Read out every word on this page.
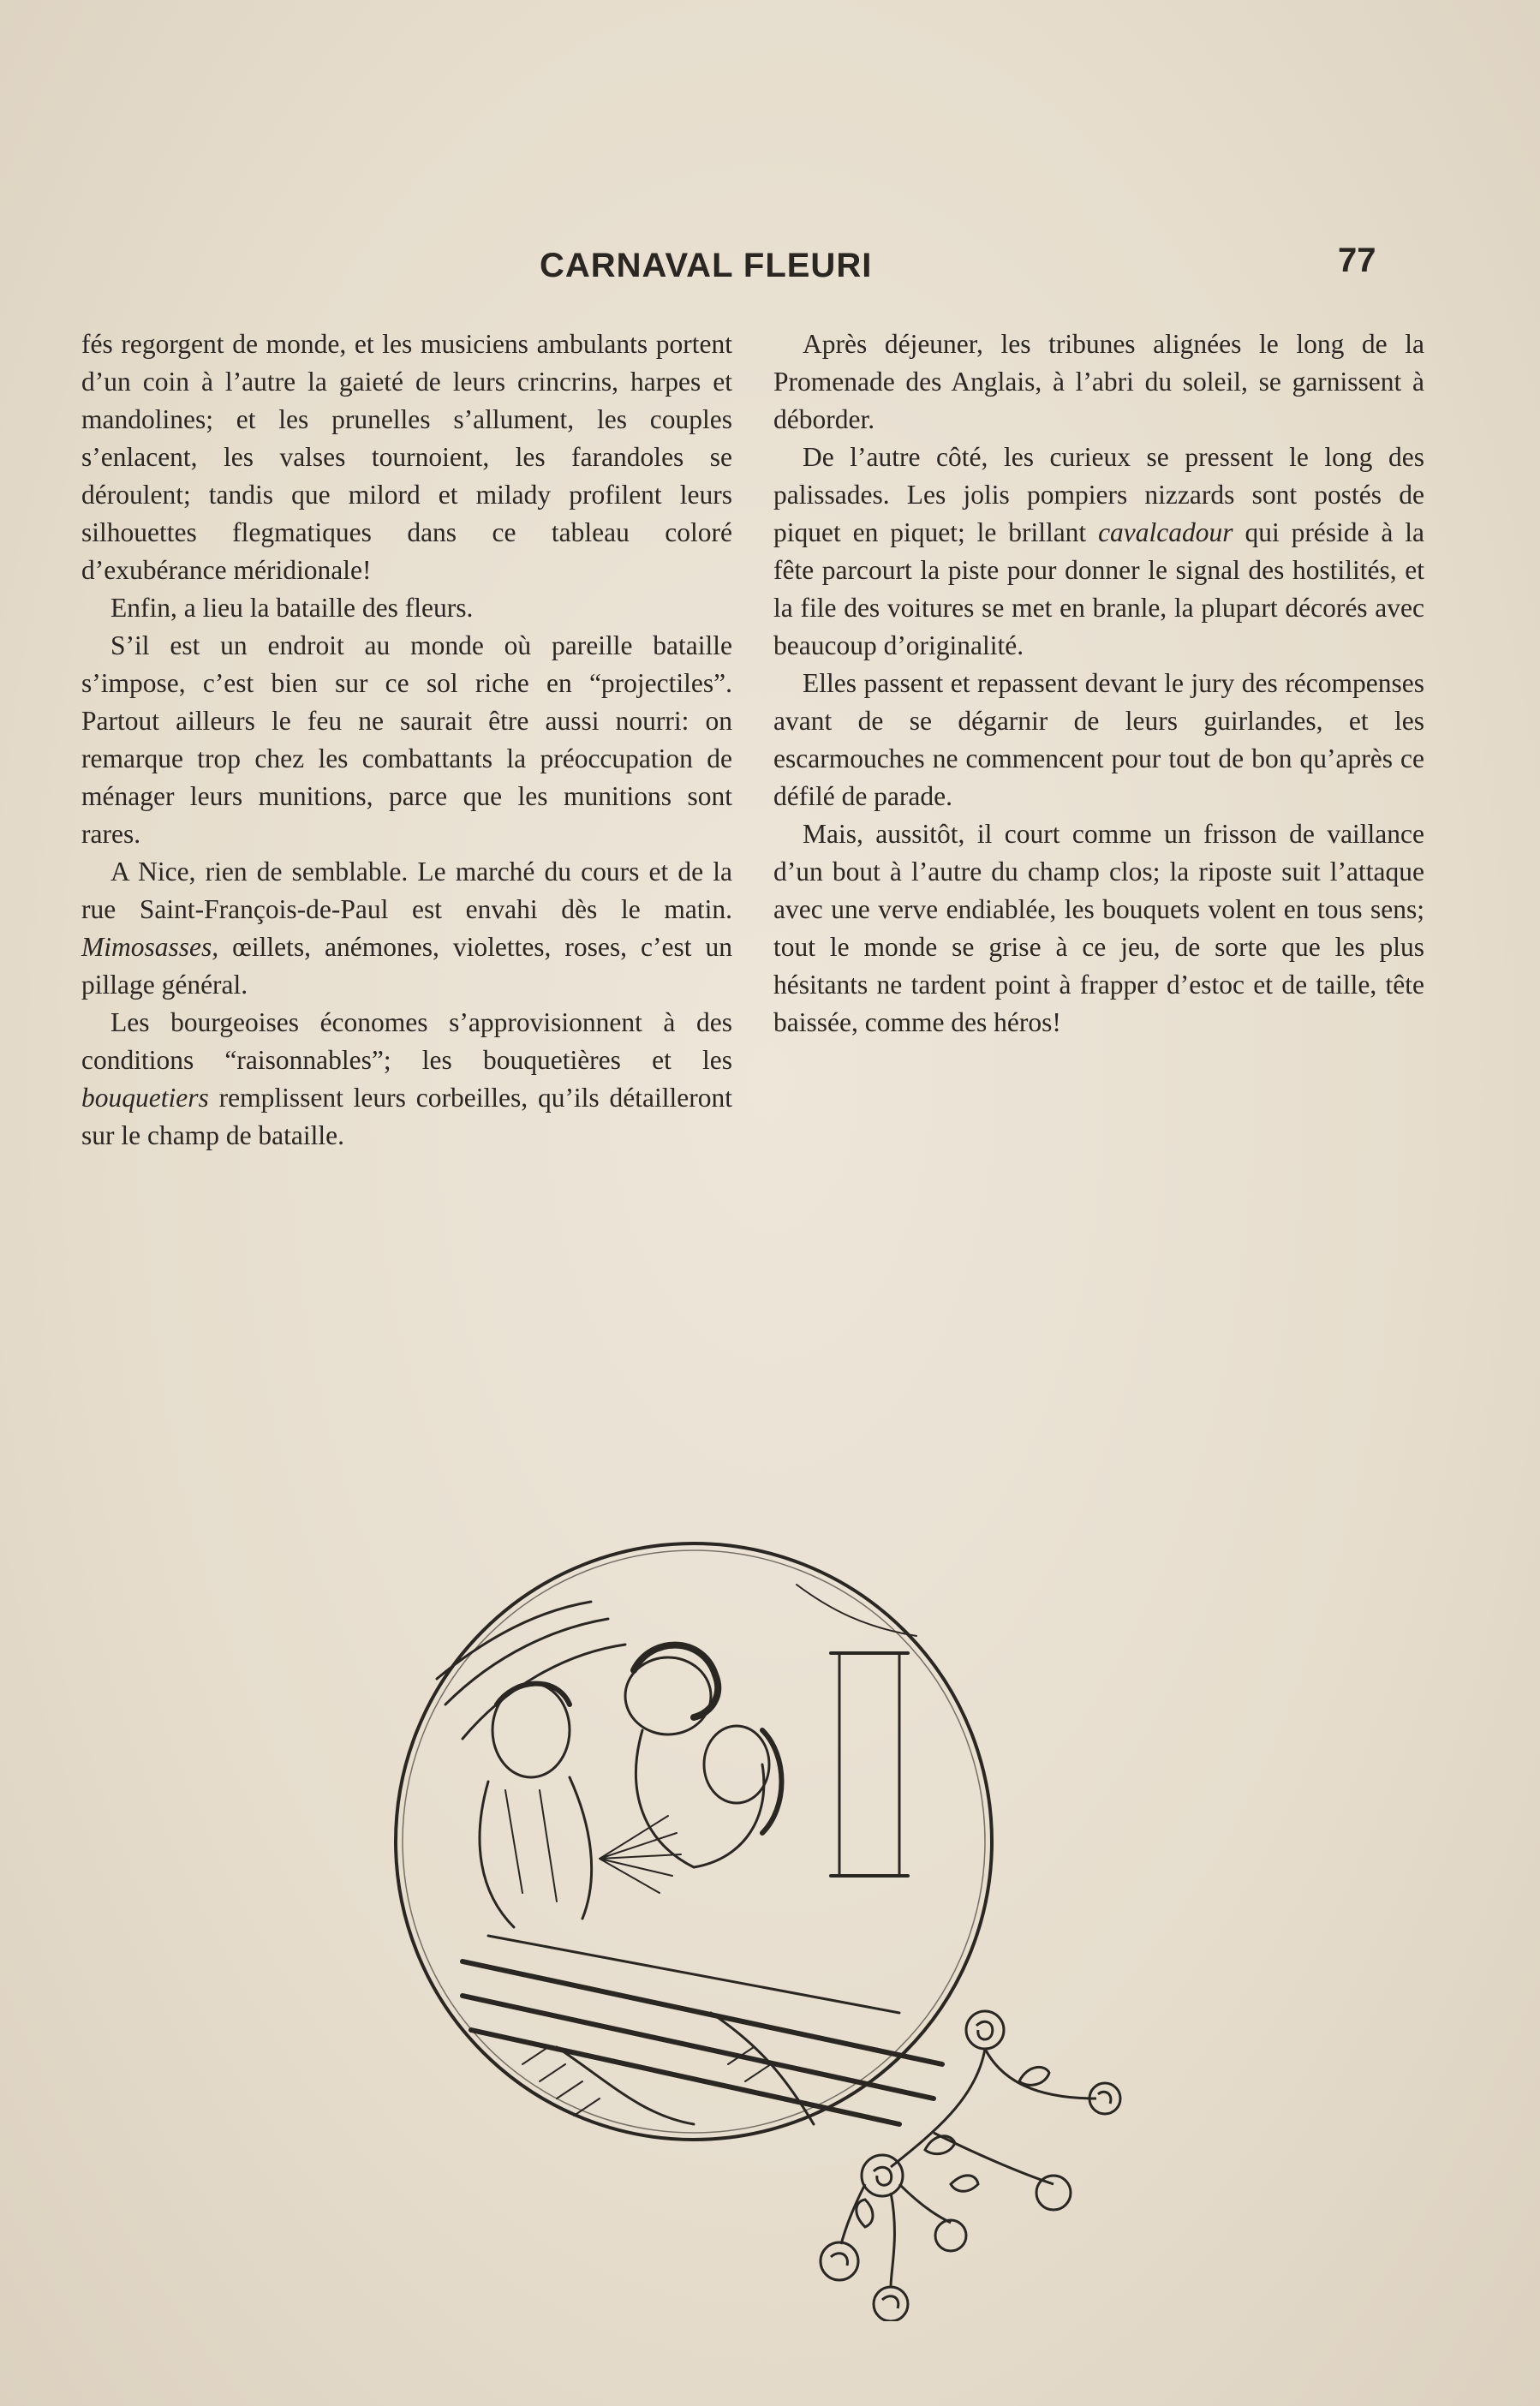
CARNAVAL FLEURI	77

fés regorgent de monde, et les musiciens ambulants portent d’un coin à l’autre la gaieté de leurs crincrins, harpes et mandolines; et les prunelles s’allument, les couples s’enlacent, les valses tournoient, les farandoles se déroulent; tandis que milord et milady profilent leurs silhouettes flegmatiques dans ce tableau coloré d’exubérance méridionale!

Enfin, a lieu la bataille des fleurs.

S’il est un endroit au monde où pareille bataille s’impose, c’est bien sur ce sol riche en “projectiles”. Partout ailleurs le feu ne saurait être aussi nourri: on remarque trop chez les combattants la préoccupation de ménager leurs munitions, parce que les munitions sont rares.

A Nice, rien de semblable. Le marché du cours et de la rue Saint-François-de-Paul est envahi dès le matin. Mimosasses, œillets, anémones, violettes, roses, c’est un pillage général.

Les bourgeoises économes s’approvisionnent à des conditions “raisonnables”; les bouquetières et les bouquetiers remplissent leurs corbeilles, qu’ils détailleront sur le champ de bataille.

Après déjeuner, les tribunes alignées le long de la Promenade des Anglais, à l’abri du soleil, se garnissent à déborder.

De l’autre côté, les curieux se pressent le long des palissades. Les jolis pompiers nizzards sont postés de piquet en piquet; le brillant cavalcadour qui préside à la fête parcourt la piste pour donner le signal des hostilités, et la file des voitures se met en branle, la plupart décorés avec beaucoup d’originalité.

Elles passent et repassent devant le jury des récompenses avant de se dégarnir de leurs guirlandes, et les escarmouches ne commencent pour tout de bon qu’après ce défilé de parade.

Mais, aussitôt, il court comme un frisson de vaillance d’un bout à l’autre du champ clos; la riposte suit l’attaque avec une verve endiablée, les bouquets volent en tous sens; tout le monde se grise à ce jeu, de sorte que les plus hésitants ne tardent point à frapper d’estoc et de taille, tête baissée, comme des héros!
